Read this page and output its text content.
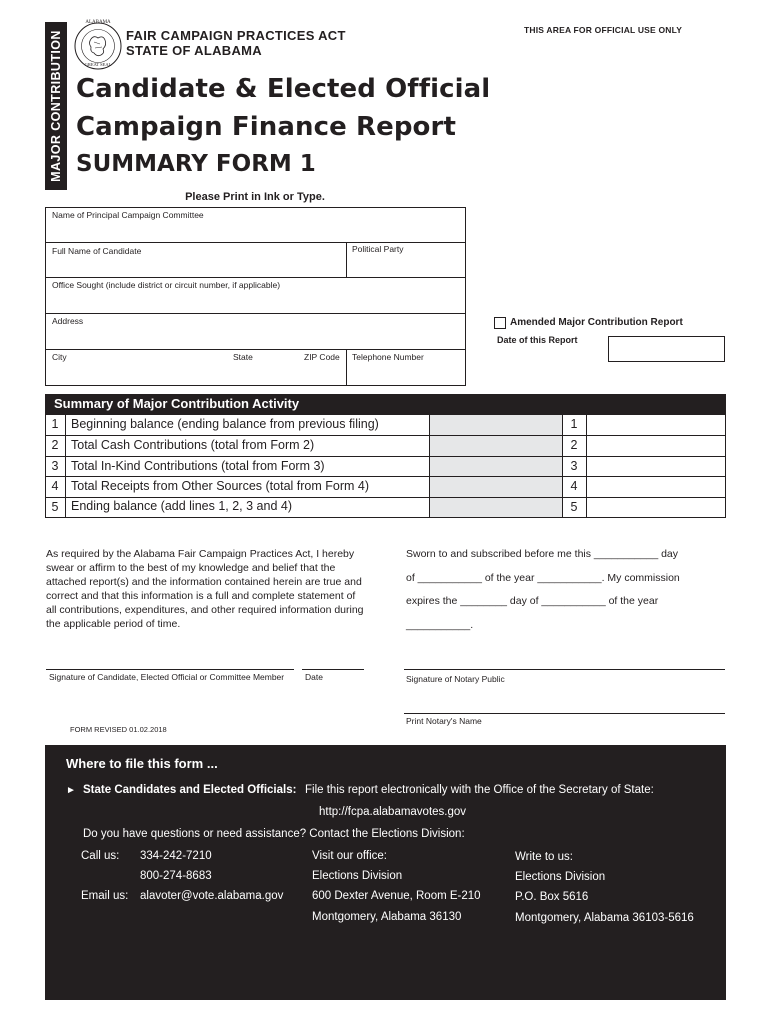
MAJOR CONTRIBUTION
ALABAMA
GREAT SEAL
FAIR CAMPAIGN PRACTICES ACT
STATE OF ALABAMA
THIS AREA FOR OFFICIAL USE ONLY
Candidate & Elected Official
Campaign Finance Report
SUMMARY FORM 1
Please Print in Ink or Type.
Name of Principal Campaign Committee
Full Name of Candidate	Political Party
Office Sought (include district or circuit number, if applicable)
Address
City	State	ZIP Code Telephone Number
Amended Major Contribution Report
Date of this Report
Summary of Major Contribution Activity
1	Beginning balance (ending balance from previous filing)	1
2	Total Cash Contributions (total from Form 2)	2
3	Total In-Kind Contributions (total from Form 3)	3
4	Total Receipts from Other Sources (total from Form 4)	4
5	Ending balance (add lines 1, 2, 3 and 4)	5
As required by the Alabama Fair Campaign Practices Act, I hereby swear or affirm to the best of my knowledge and belief that the attached report(s) and the information contained herein are true and correct and that this information is a full and complete statement of all contributions, expenditures, and other required information during the applicable period of time.
Sworn to and subscribed before me this ___________ day
of ___________ of the year ___________. My commission
expires the ________ day of ___________ of the year
___________.
Signature of Candidate, Elected Official or Committee Member	Date	Signature of Notary Public
Print Notary's Name
FORM REVISED 01.02.2018
Where to file this form ...
► State Candidates and Elected Officials: File this report electronically with the Office of the Secretary of State:
http://fcpa.alabamavotes.gov
Do you have questions or need assistance? Contact the Elections Division:
Call us: 334-242-7210
800-274-8683
Email us: alavoter@vote.alabama.gov
Visit our office:
Elections Division
600 Dexter Avenue, Room E-210
Montgomery, Alabama 36130
Write to us:
Elections Division
P.O. Box 5616
Montgomery, Alabama 36103-5616
